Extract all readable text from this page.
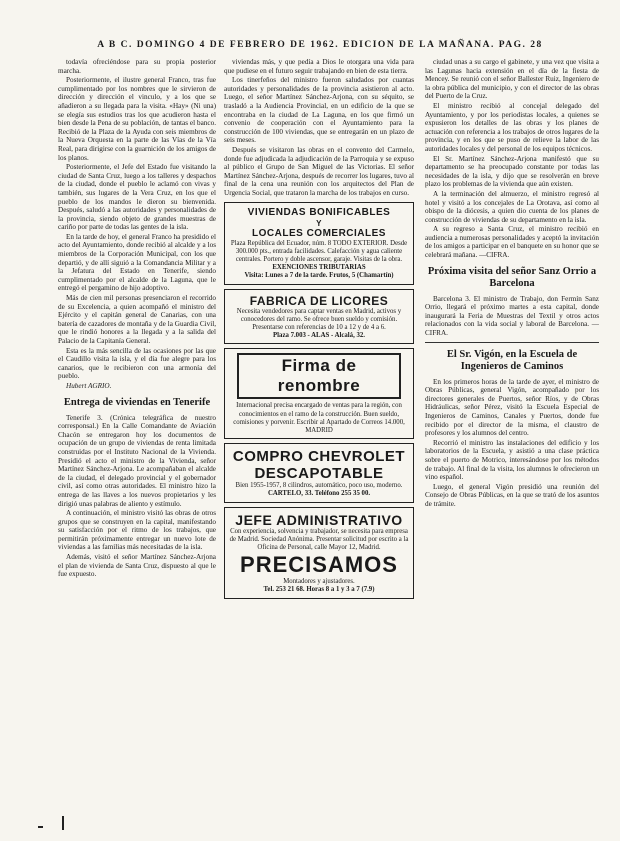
A B C. DOMINGO 4 DE FEBRERO DE 1962. EDICION DE LA MAÑANA. PAG. 28

todavía ofreciéndose para su propia posterior marcha.

Posteriormente, el ilustre general Franco, tras fue cumplimentado por los nombres que le sirvieron de dirección y dirección el vinculo, y a los que se añadieron a su llegada para la visita. «Hay» (Ni una) se elegía sus estudios tras los que acudieron hasta el bien desde la Pena de su población, de tantas el banco. Recibió de la Plaza de la Ayuda con seis miembros de la Nueva Orquesta en la parte de las Vías de la Vía Real, para dirigirse con la guarnición de los amigos de los planos.

Posteriormente, el Jefe del Estado fue visitando la ciudad de Santa Cruz, luego a los talleres y despachos de la ciudad, donde el pueblo le aclamó con vivas y también, sus lugares de la Vera Cruz, en los que el pueblo de los mandos le dieron su bienvenida. Después, saludó a las autoridades y personalidades de la provincia, siendo objeto de grandes muestras de cariño por parte de todas las gentes de la isla.

En la tarde de hoy, el general Franco ha presidido el acto del Ayuntamiento, donde recibió al alcalde y a los miembros de la Corporación Municipal, con los que departió, y de allí siguió a la Comandancia Militar y a la Jefatura del Estado en Tenerife, siendo cumplimentado por el alcalde de la Laguna, que le entregó el pergamino de hijo adoptivo.

Más de cien mil personas presenciaron el recorrido de su Excelencia, a quien acompañó el ministro del Ejército y el capitán general de Canarias, con una batería de cazadores de montaña y de la Guardia Civil, que le rindió honores a la llegada y a la salida del Palacio de la Capitanía General.

Esta es la más sencilla de las ocasiones por las que el Caudillo visita la isla, y el día fue alegre para los canarios, que le recibieron con una armonía del pueblo.

Hubert AGRIO.

Entrega de viviendas en Tenerife

Tenerife 3. (Crónica telegráfica de nuestro corresponsal.) En la Calle Comandante de Aviación Chacón se entregaron hoy los documentos de ocupación de un grupo de viviendas de renta limitada construidas por el Instituto Nacional de la Vivienda. Presidió el acto el ministro de la Vivienda, señor Martínez Sánchez-Arjona. Le acompañaban el alcalde de la ciudad, el delegado provincial y el gobernador civil, así como otras autoridades. El ministro hizo la entrega de las llaves a los nuevos propietarios y les dirigió unas palabras de aliento y estímulo.

A continuación, el ministro visitó las obras de otros grupos que se construyen en la capital, manifestando su satisfacción por el ritmo de los trabajos, que permitirán próximamente entregar un nuevo lote de viviendas a las familias más necesitadas de la isla.

Además, visitó el señor Martínez Sánchez-Arjona el plan de vivienda de Santa Cruz, dispuesto al que le fue expuesto.

viviendas más, y que pedía a Dios le otorgara una vida para que pudiese en el futuro seguir trabajando en bien de esta tierra.

Los tinerfeños del ministro fueron saludados por cuantas autoridades y personalidades de la provincia asistieron al acto. Luego, el señor Martínez Sánchez-Arjona, con su séquito, se trasladó a la Audiencia Provincial, en un edificio de la que se encontraba en la ciudad de La Laguna, en los que firmó un convenio de cooperación con el Ayuntamiento para la construcción de 100 viviendas, que se entregarán en un plazo de seis meses.

Después se visitaron las obras en el convento del Carmelo, donde fue adjudicada la adjudicación de la Parroquia y se expuso al público el Grupo de San Miguel de las Victorias. El señor Martínez Sánchez-Arjona, después de recorrer los lugares, tuvo al final de la cena una reunión con los arquitectos del Plan de Urgencia Social, que trataron la marcha de los trabajos en curso.

VIVIENDAS BONIFICABLES
Y
LOCALES COMERCIALES
Plaza República del Ecuador, núm. 8 TODO EXTERIOR. Desde 300.000 pts., entrada facilidades. Calefacción y agua caliente centrales. Portero y doble ascensor, garaje. Visitas de la obra.
EXENCIONES TRIBUTARIAS
Visita: Lunes a 7 de la tarde. Frutos, 5 (Chamartín)
FABRICA DE LICORES
Necesita vendedores para captar ventas en Madrid, activos y conocedores del ramo. Se ofrece buen sueldo y comisión. Presentarse con referencias de 10 a 12 y de 4 a 6.
Plaza 7.003 - ALAS - Alcalá, 32.
Firma de renombre
Internacional precisa encargado de ventas para la región, con conocimientos en el ramo de la construcción. Buen sueldo, comisiones y porvenir. Escribir al Apartado de Correos 14.000, MADRID
COMPRO CHEVROLET
DESCAPOTABLE
Bien 1955-1957, 8 cilindros, automático, poco uso, moderno.
CARTELO, 33. Teléfono 255 35 00.
JEFE ADMINISTRATIVO
Con experiencia, solvencia y trabajador, se necesita para empresa de Madrid. Sociedad Anónima. Presentar solicitud por escrito a la Oficina de Personal, calle Mayor 12, Madrid.
PRECISAMOS
Montadores y ajustadores.
Tel. 253 21 68. Horas 8 a 1 y 3 a 7 (7.9)

ciudad unas a su cargo el gabinete, y una vez que visita a las Lagunas hacia extensión en el día de la fiesta de Mencey. Se reunió con el señor Ballester Ruiz, Ingeniero de la obra pública del municipio, y con el director de las obras del Puerto de la Cruz.

El ministro recibió al concejal delegado del Ayuntamiento, y por los periodistas locales, a quienes se expusieron los detalles de las obras y los planes de actuación con referencia a los trabajos de otros lugares de la provincia, y en los que se puso de relieve la labor de las autoridades locales y del personal de los equipos técnicos.

El Sr. Martínez Sánchez-Arjona manifestó que su departamento se ha preocupado constante por todas las necesidades de la isla, y dijo que se resolverán en breve plazo los problemas de la vivienda que aún existen.

A la terminación del almuerzo, el ministro regresó al hotel y visitó a los concejales de La Orotava, así como al obispo de la diócesis, a quien dio cuenta de los planes de construcción de viviendas de su departamento en la isla.

A su regreso a Santa Cruz, el ministro recibió en audiencia a numerosas personalidades y aceptó la invitación de los amigos a participar en el banquete en su honor que se celebrará mañana. —CIFRA.

Próxima visita del señor Sanz Orrio a Barcelona

Barcelona 3. El ministro de Trabajo, don Fermín Sanz Orrio, llegará el próximo martes a esta capital, donde inaugurará la Feria de Muestras del Textil y otros actos relacionados con la vida social y laboral de Barcelona. —CIFRA.

El Sr. Vigón, en la Escuela de Ingenieros de Caminos

En los primeros horas de la tarde de ayer, el ministro de Obras Públicas, general Vigón, acompañado por los directores generales de Puertos, señor Ríos, y de Obras Hidráulicas, señor Pérez, visitó la Escuela Especial de Ingenieros de Caminos, Canales y Puertos, donde fue recibido por el director de la misma, el claustro de profesores y los alumnos del centro.

Recorrió el ministro las instalaciones del edificio y los laboratorios de la Escuela, y asistió a una clase práctica sobre el puerto de Motrico, interesándose por los métodos de trabajo. Al final de la visita, los alumnos le ofrecieron un vino español.

Luego, el general Vigón presidió una reunión del Consejo de Obras Públicas, en la que se trató de los asuntos de trámite.
